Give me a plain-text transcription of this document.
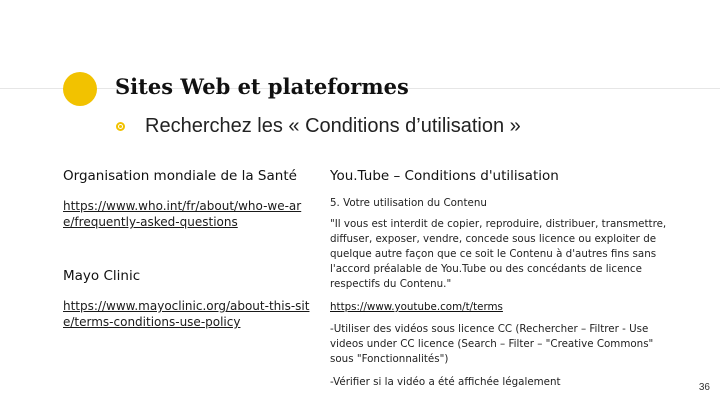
Sites Web et plateformes
Recherchez les « Conditions d’utilisation »
Organisation mondiale de la Santé
https://www.who.int/fr/about/who-we-are/frequently-asked-questions
Mayo Clinic
https://www.mayoclinic.org/about-this-site/terms-conditions-use-policy
You.Tube – Conditions d'utilisation
5. Votre utilisation du Contenu
"Il vous est interdit de copier, reproduire, distribuer, transmettre, diffuser, exposer, vendre, concede sous licence ou exploiter de quelque autre façon que ce soit le Contenu à d'autres fins sans l'accord préalable de You.Tube ou des concédants de licence respectifs du Contenu."
https://www.youtube.com/t/terms
-Utiliser des vidéos sous licence CC (Rechercher – Filtrer - Use videos under CC licence (Search – Filter – "Creative Commons" sous "Fonctionnalités")
-Vérifier si la vidéo a été affichée légalement	36
